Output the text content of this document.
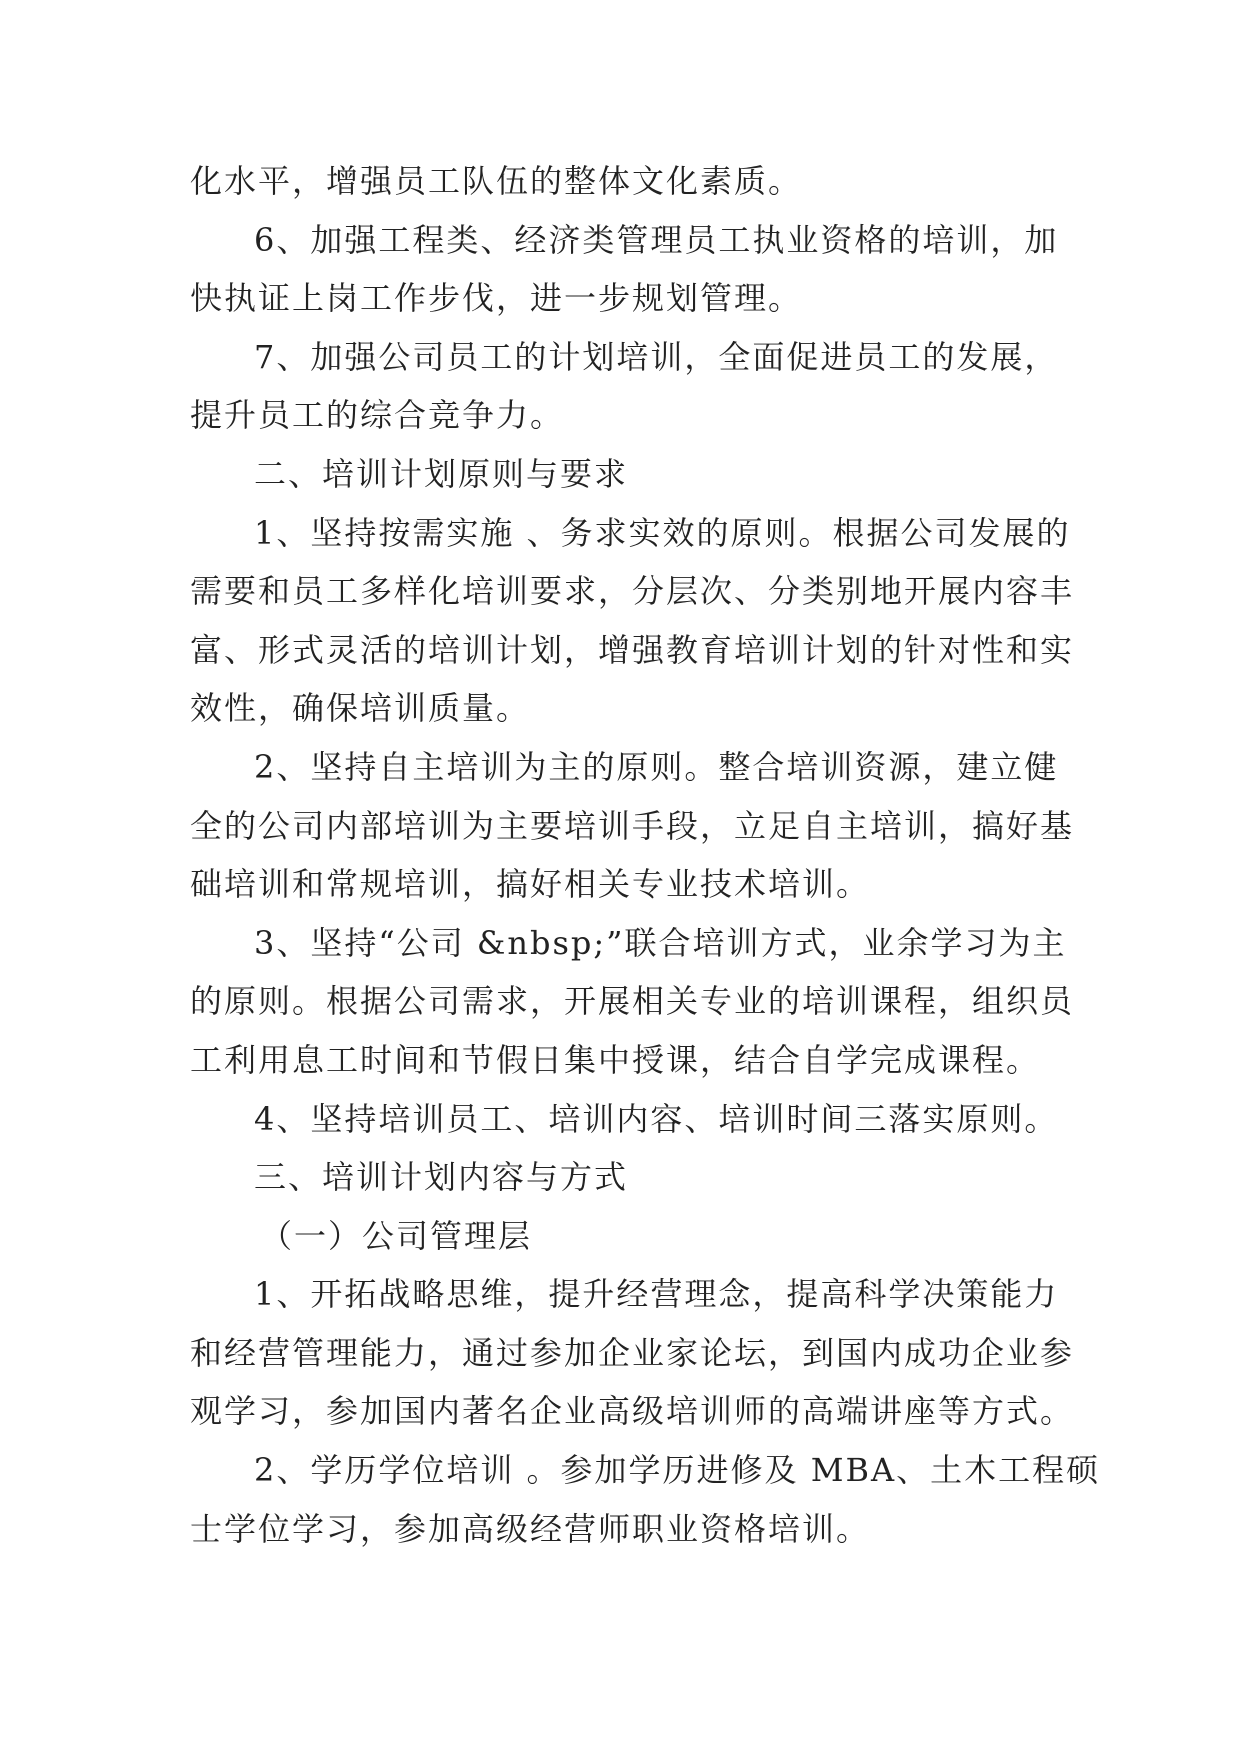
化水平，增强员工队伍的整体文化素质。
6、加强工程类、经济类管理员工执业资格的培训，加
快执证上岗工作步伐，进一步规划管理。
7、加强公司员工的计划培训，全面促进员工的发展，
提升员工的综合竞争力。
二、培训计划原则与要求
1、坚持按需实施 、务求实效的原则。根据公司发展的
需要和员工多样化培训要求，分层次、分类别地开展内容丰
富、形式灵活的培训计划，增强教育培训计划的针对性和实
效性，确保培训质量。
2、坚持自主培训为主的原则。整合培训资源，建立健
全的公司内部培训为主要培训手段，立足自主培训，搞好基
础培训和常规培训，搞好相关专业技术培训。
3、坚持“公司 &nbsp;”联合培训方式，业余学习为主
的原则。根据公司需求，开展相关专业的培训课程，组织员
工利用息工时间和节假日集中授课，结合自学完成课程。
4、坚持培训员工、培训内容、培训时间三落实原则。
三、培训计划内容与方式
（一）公司管理层
1、开拓战略思维，提升经营理念，提高科学决策能力
和经营管理能力，通过参加企业家论坛，到国内成功企业参
观学习，参加国内著名企业高级培训师的高端讲座等方式。
2、学历学位培训 。参加学历进修及 MBA、土木工程硕
士学位学习，参加高级经营师职业资格培训。
